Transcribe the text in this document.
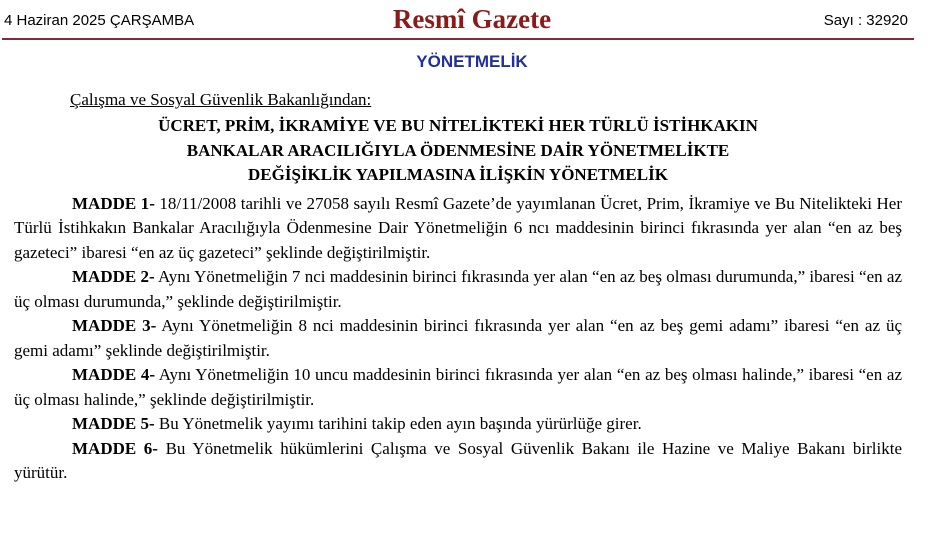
4 Haziran 2025 ÇARŞAMBA	Resmî Gazete	Sayı : 32920
YÖNETMELİK
Çalışma ve Sosyal Güvenlik Bakanlığından:
ÜCRET, PRİM, İKRAMİYE VE BU NİTELİKTEKİ HER TÜRLÜ İSTİHKAKIN
BANKALAR ARACILIĞIYLA ÖDENMESİNE DAİR YÖNETMELİKTE
DEĞİŞİKLİK YAPILMASINA İLİŞKİN YÖNETMELİK

MADDE 1- 18/11/2008 tarihli ve 27058 sayılı Resmî Gazete’de yayımlanan Ücret, Prim, İkramiye ve Bu Nitelikteki Her Türlü İstihkakın Bankalar Aracılığıyla Ödenmesine Dair Yönetmeliğin 6 ncı maddesinin birinci fıkrasında yer alan “en az beş gazeteci” ibaresi “en az üç gazeteci” şeklinde değiştirilmiştir.

MADDE 2- Aynı Yönetmeliğin 7 nci maddesinin birinci fıkrasında yer alan “en az beş olması durumunda,” ibaresi “en az üç olması durumunda,” şeklinde değiştirilmiştir.

MADDE 3- Aynı Yönetmeliğin 8 nci maddesinin birinci fıkrasında yer alan “en az beş gemi adamı” ibaresi “en az üç gemi adamı” şeklinde değiştirilmiştir.

MADDE 4- Aynı Yönetmeliğin 10 uncu maddesinin birinci fıkrasında yer alan “en az beş olması halinde,” ibaresi “en az üç olması halinde,” şeklinde değiştirilmiştir.

MADDE 5- Bu Yönetmelik yayımı tarihini takip eden ayın başında yürürlüğe girer.

MADDE 6- Bu Yönetmelik hükümlerini Çalışma ve Sosyal Güvenlik Bakanı ile Hazine ve Maliye Bakanı birlikte yürütür.
